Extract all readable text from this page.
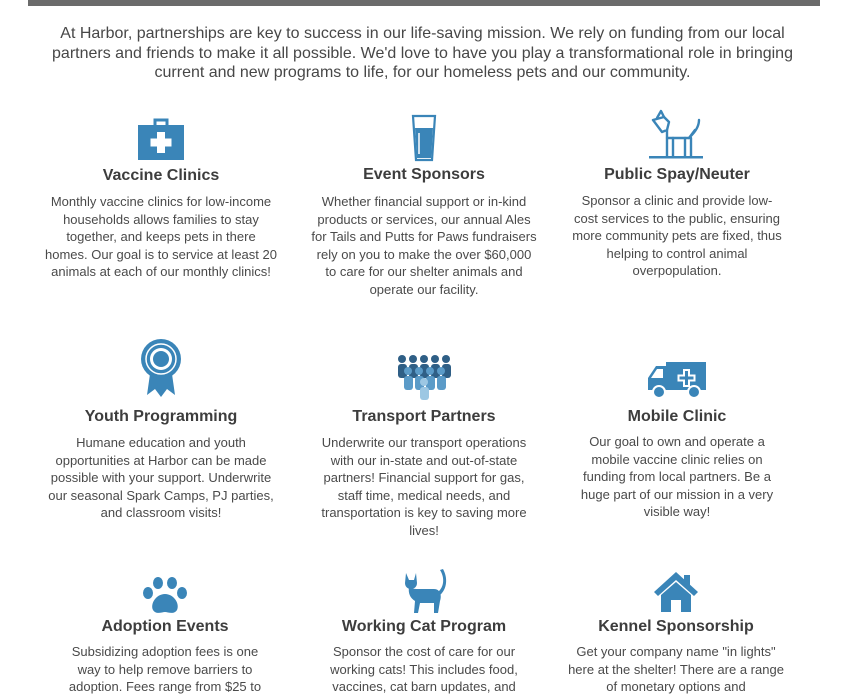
At Harbor, partnerships are key to success in our life-saving mission. We rely on funding from our local partners and friends to make it all possible. We'd love to have you play a transformational role in bringing current and new programs to life, for our homeless pets and our community.
Vaccine Clinics
Monthly vaccine clinics for low-income households allows families to stay together, and keeps pets in there homes. Our goal is to service at least 20 animals at each of our monthly clinics!
Event Sponsors
Whether financial support or in-kind products or services, our annual Ales for Tails and Putts for Paws fundraisers rely on you to make the over $60,000 to care for our shelter animals and operate our facility.
Public Spay/Neuter
Sponsor a clinic and provide low-cost services to the public, ensuring more community pets are fixed, thus helping to control animal overpopulation.
Youth Programming
Humane education and youth opportunities at Harbor can be made possible with your support. Underwrite our seasonal Spark Camps, PJ parties, and classroom visits!
Transport Partners
Underwrite our transport operations with our in-state and out-of-state partners! Financial support for gas, staff time, medical needs, and transportation is key to saving more lives!
Mobile Clinic
Our goal to own and operate a mobile vaccine clinic relies on funding from local partners. Be a huge part of our mission in a very visible way!
Adoption Events
Subsidizing adoption fees is one way to help remove barriers to adoption. Fees range from $25 to
Working Cat Program
Sponsor the cost of care for our working cats! This includes food, vaccines, cat barn updates, and
Kennel Sponsorship
Get your company name "in lights" here at the shelter! There are a range of monetary options and
